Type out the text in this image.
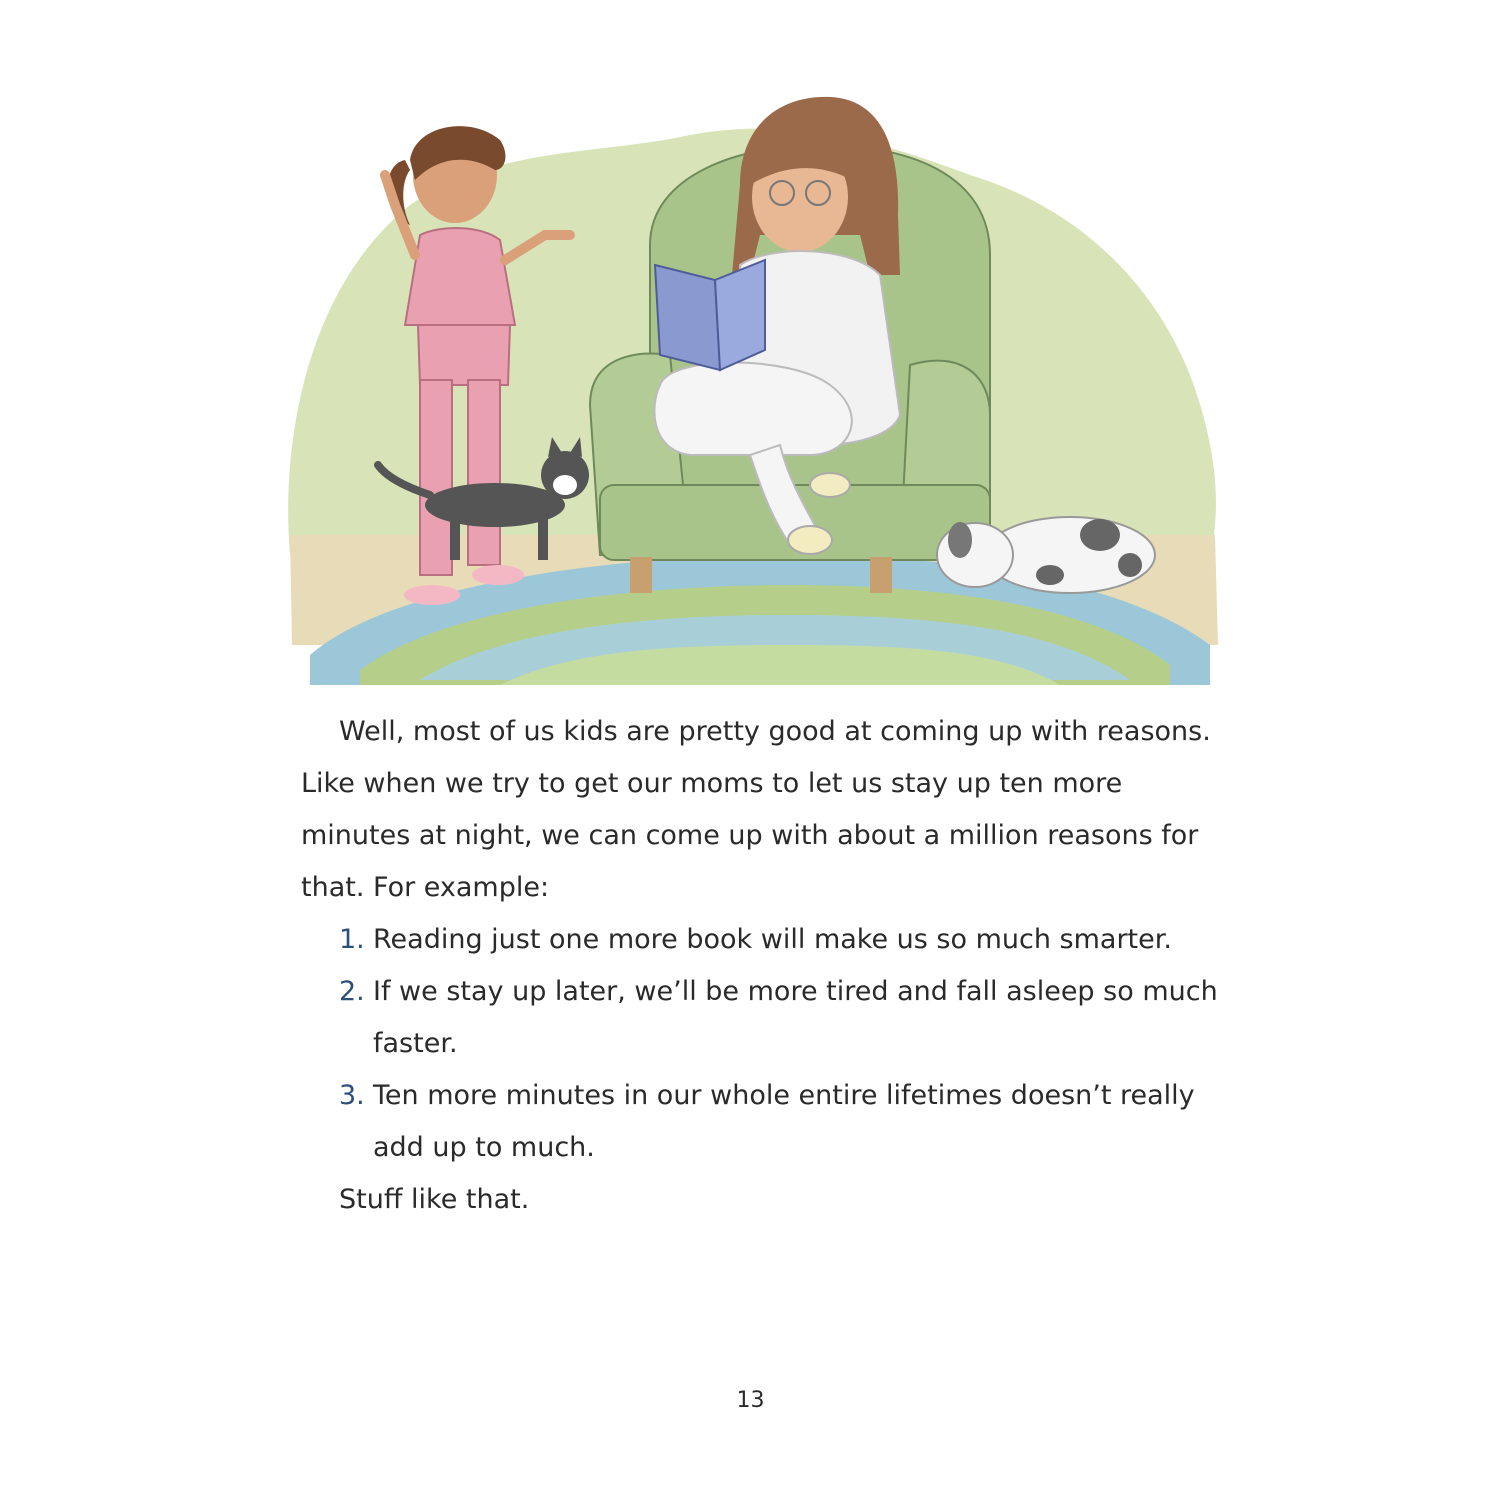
Well, most of us kids are pretty good at coming up with reasons. Like when we try to get our moms to let us stay up ten more minutes at night, we can come up with about a million reasons for that. For example:

1. Reading just one more book will make us so much smarter.
2. If we stay up later, we’ll be more tired and fall asleep so much faster.
3. Ten more minutes in our whole entire lifetimes doesn’t really add up to much.

Stuff like that.

13
